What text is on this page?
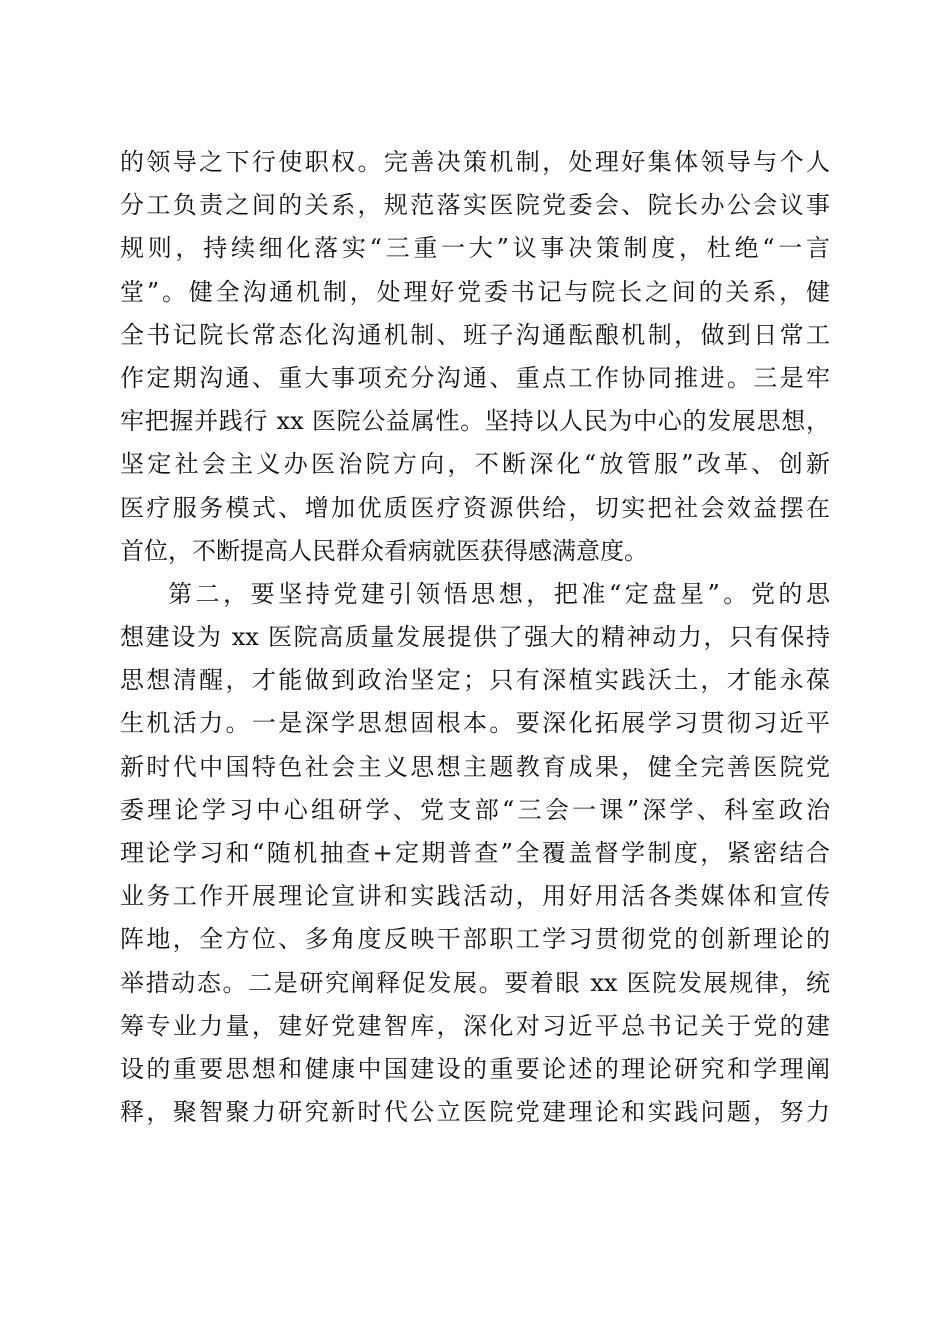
的领导之下行使职权。完善决策机制，处理好集体领导与个人
分工负责之间的关系，规范落实医院党委会、院长办公会议事
规则，持续细化落实“三重一大”议事决策制度，杜绝“一言
堂”。健全沟通机制，处理好党委书记与院长之间的关系，健
全书记院长常态化沟通机制、班子沟通酝酿机制，做到日常工
作定期沟通、重大事项充分沟通、重点工作协同推进。三是牢
牢把握并践行 xx 医院公益属性。坚持以人民为中心的发展思想，
坚定社会主义办医治院方向，不断深化“放管服”改革、创新
医疗服务模式、增加优质医疗资源供给，切实把社会效益摆在
首位，不断提高人民群众看病就医获得感满意度。
第二，要坚持党建引领悟思想，把准“定盘星”。党的思
想建设为 xx 医院高质量发展提供了强大的精神动力，只有保持
思想清醒，才能做到政治坚定；只有深植实践沃土，才能永葆
生机活力。一是深学思想固根本。要深化拓展学习贯彻习近平
新时代中国特色社会主义思想主题教育成果，健全完善医院党
委理论学习中心组研学、党支部“三会一课”深学、科室政治
理论学习和“随机抽查+定期普查”全覆盖督学制度，紧密结合
业务工作开展理论宣讲和实践活动，用好用活各类媒体和宣传
阵地，全方位、多角度反映干部职工学习贯彻党的创新理论的
举措动态。二是研究阐释促发展。要着眼 xx 医院发展规律，统
筹专业力量，建好党建智库，深化对习近平总书记关于党的建
设的重要思想和健康中国建设的重要论述的理论研究和学理阐
释，聚智聚力研究新时代公立医院党建理论和实践问题，努力
